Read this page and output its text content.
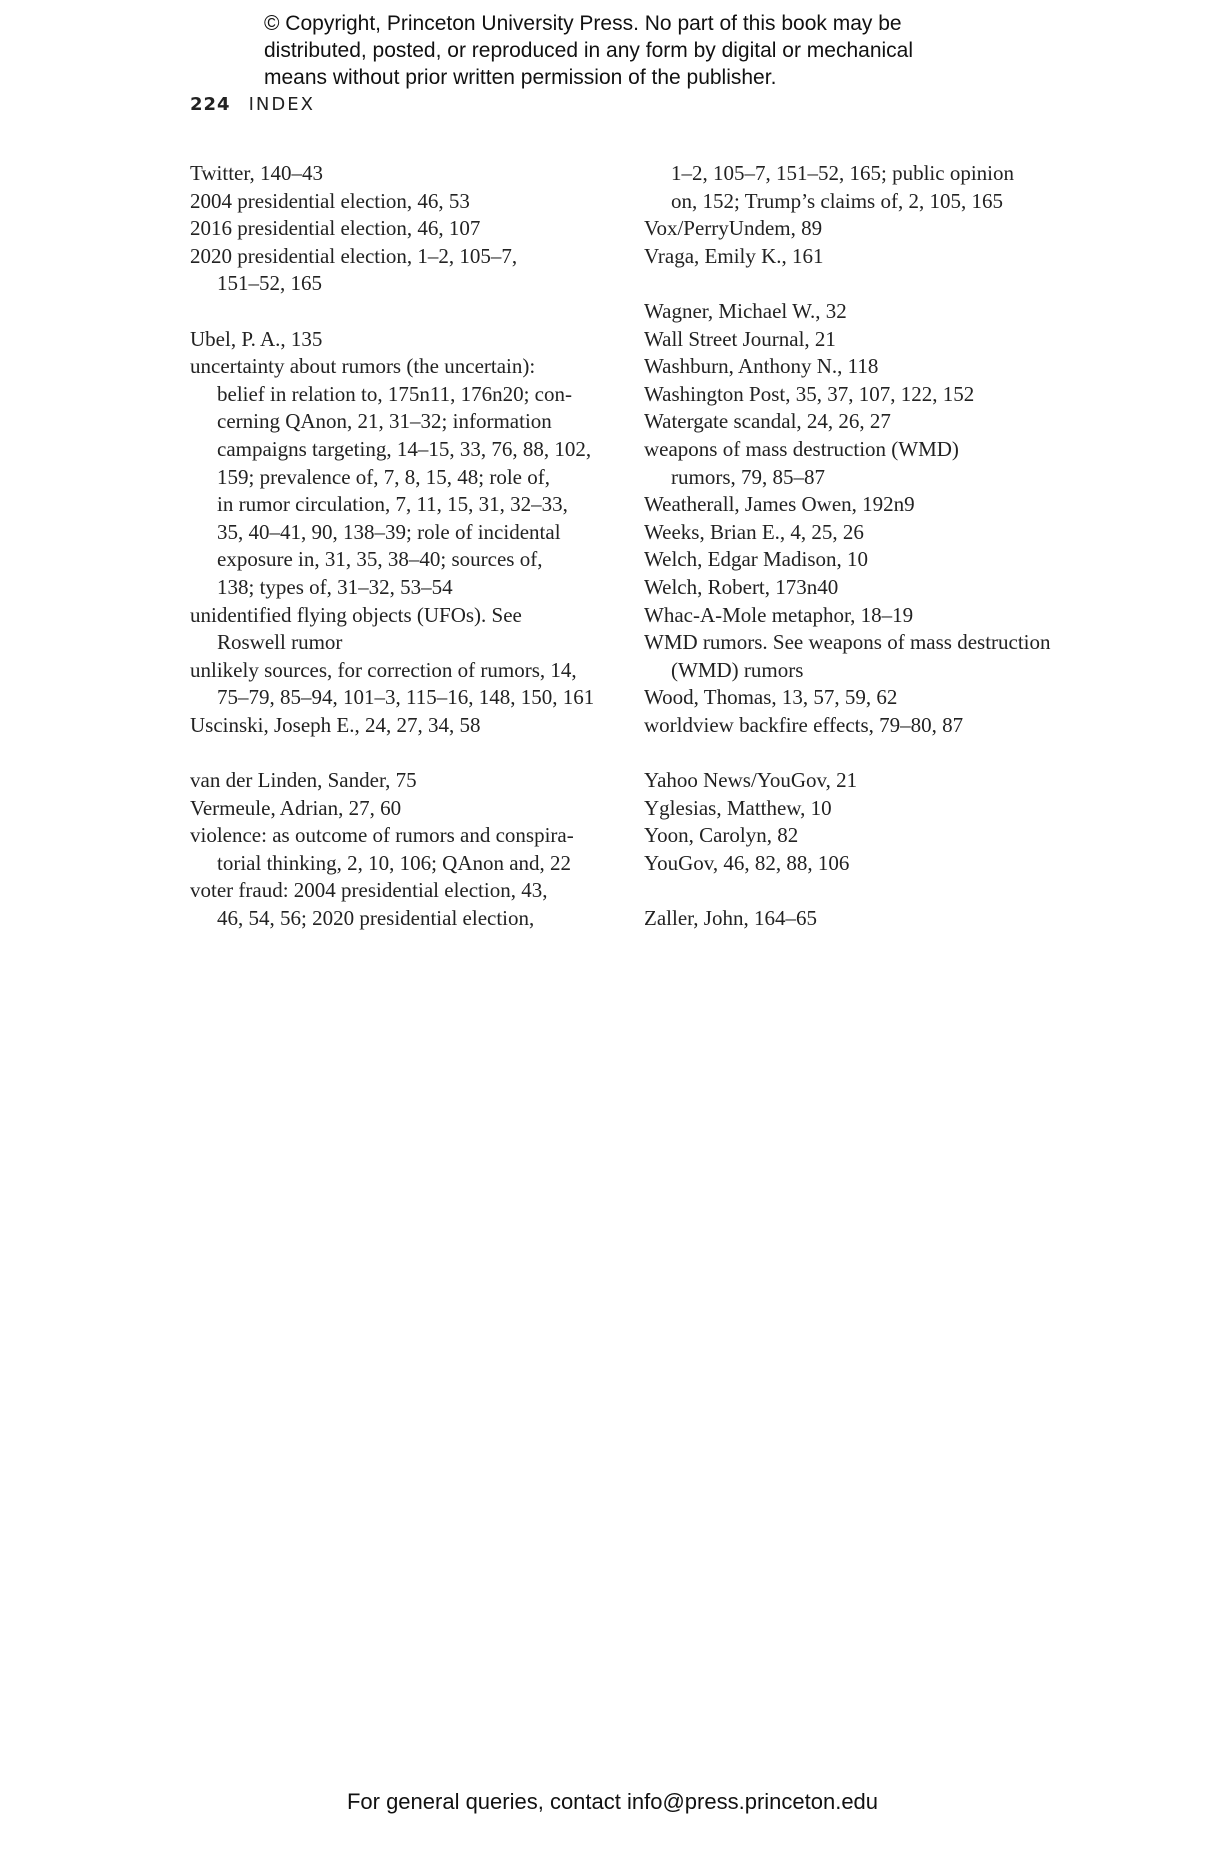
© Copyright, Princeton University Press. No part of this book may be
distributed, posted, or reproduced in any form by digital or mechanical
means without prior written permission of the publisher.
224 INDEX
Twitter, 140–43
2004 presidential election, 46, 53
2016 presidential election, 46, 107
2020 presidential election, 1–2, 105–7,
151–52, 165
Ubel, P. A., 135
uncertainty about rumors (the uncertain):
belief in relation to, 175n11, 176n20; con-
cerning QAnon, 21, 31–32; information
campaigns targeting, 14–15, 33, 76, 88, 102,
159; prevalence of, 7, 8, 15, 48; role of,
in rumor circulation, 7, 11, 15, 31, 32–33,
35, 40–41, 90, 138–39; role of incidental
exposure in, 31, 35, 38–40; sources of,
138; types of, 31–32, 53–54
unidentified flying objects (UFOs). See
Roswell rumor
unlikely sources, for correction of rumors, 14,
75–79, 85–94, 101–3, 115–16, 148, 150, 161
Uscinski, Joseph E., 24, 27, 34, 58
van der Linden, Sander, 75
Vermeule, Adrian, 27, 60
violence: as outcome of rumors and conspira-
torial thinking, 2, 10, 106; QAnon and, 22
voter fraud: 2004 presidential election, 43,
46, 54, 56; 2020 presidential election,
1–2, 105–7, 151–52, 165; public opinion
on, 152; Trump’s claims of, 2, 105, 165
Vox/PerryUndem, 89
Vraga, Emily K., 161
Wagner, Michael W., 32
Wall Street Journal, 21
Washburn, Anthony N., 118
Washington Post, 35, 37, 107, 122, 152
Watergate scandal, 24, 26, 27
weapons of mass destruction (WMD)
rumors, 79, 85–87
Weatherall, James Owen, 192n9
Weeks, Brian E., 4, 25, 26
Welch, Edgar Madison, 10
Welch, Robert, 173n40
Whac-A-Mole metaphor, 18–19
WMD rumors. See weapons of mass destruction
(WMD) rumors
Wood, Thomas, 13, 57, 59, 62
worldview backfire effects, 79–80, 87
Yahoo News/YouGov, 21
Yglesias, Matthew, 10
Yoon, Carolyn, 82
YouGov, 46, 82, 88, 106
Zaller, John, 164–65
For general queries, contact info@press.princeton.edu
